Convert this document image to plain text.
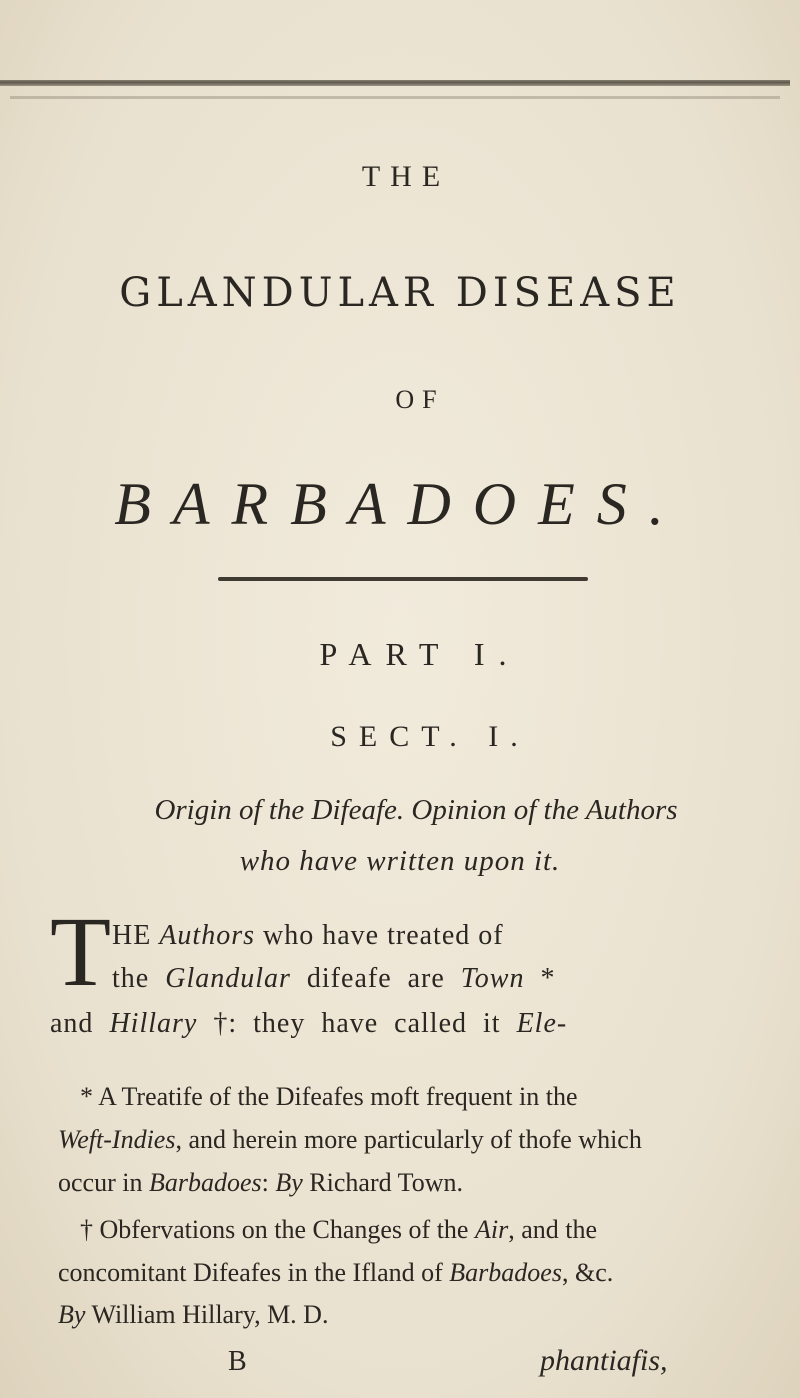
THE
GLANDULAR DISEASE
OF
BARBADOES.
PART I.
SECT. I.
Origin of the Difeafe. Opinion of the Authors
who have written upon it.
T HE Authors who have treated of
the Glandular difeafe are Town *
and Hillary †: they have called it Ele-
* A Treatife of the Difeafes moft frequent in the
Weft-Indies, and herein more particularly of thofe which
occur in Barbadoes: By Richard Town.
† Obfervations on the Changes of the Air, and the
concomitant Difeafes in the Ifland of Barbadoes, &c.
By William Hillary, M. D.
B	phantiafis,
